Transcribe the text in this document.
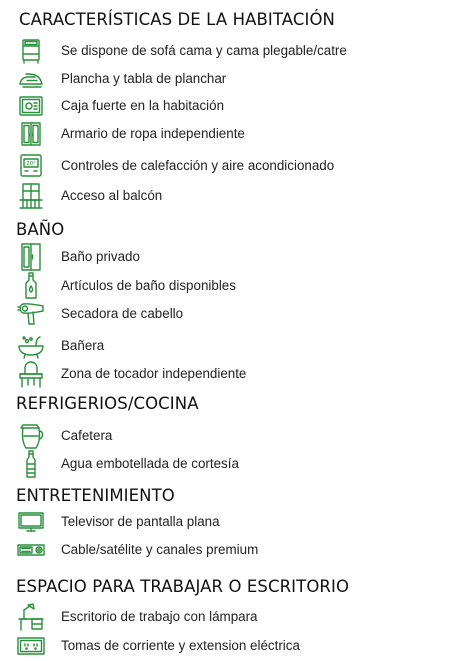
CARACTERÍSTICAS DE LA HABITACIÓN
Se dispone de sofá cama y cama plegable/catre
Plancha y tabla de planchar
Caja fuerte en la habitación
Armario de ropa independiente
20° Controles de calefacción y aire acondicionado
Acceso al balcón
BAÑO
Baño privado
Artículos de baño disponibles
Secadora de cabello
Bañera
Zona de tocador independiente
REFRIGERIOS/COCINA
Cafetera
Agua embotellada de cortesía
ENTRETENIMIENTO
Televisor de pantalla plana
Cable/satélite y canales premium
ESPACIO PARA TRABAJAR O ESCRITORIO
Escritorio de trabajo con lámpara
Tomas de corriente y extension eléctrica
